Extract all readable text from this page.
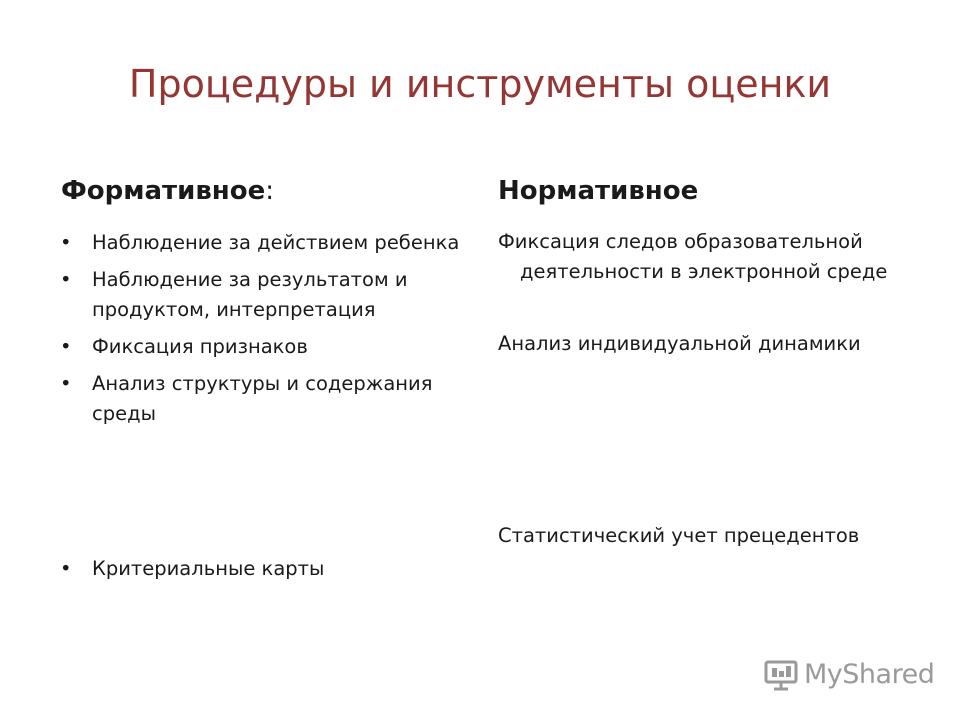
Процедуры и инструменты оценки
Формативное:
• Наблюдение за действием ребенка
• Наблюдение за результатом и продуктом, интерпретация
• Фиксация признаков
• Анализ структуры и содержания среды
• Критериальные карты
Нормативное

Фиксация следов образовательной деятельности в электронной среде

Анализ индивидуальной динамики

Статистический учет прецедентов

MyShared
